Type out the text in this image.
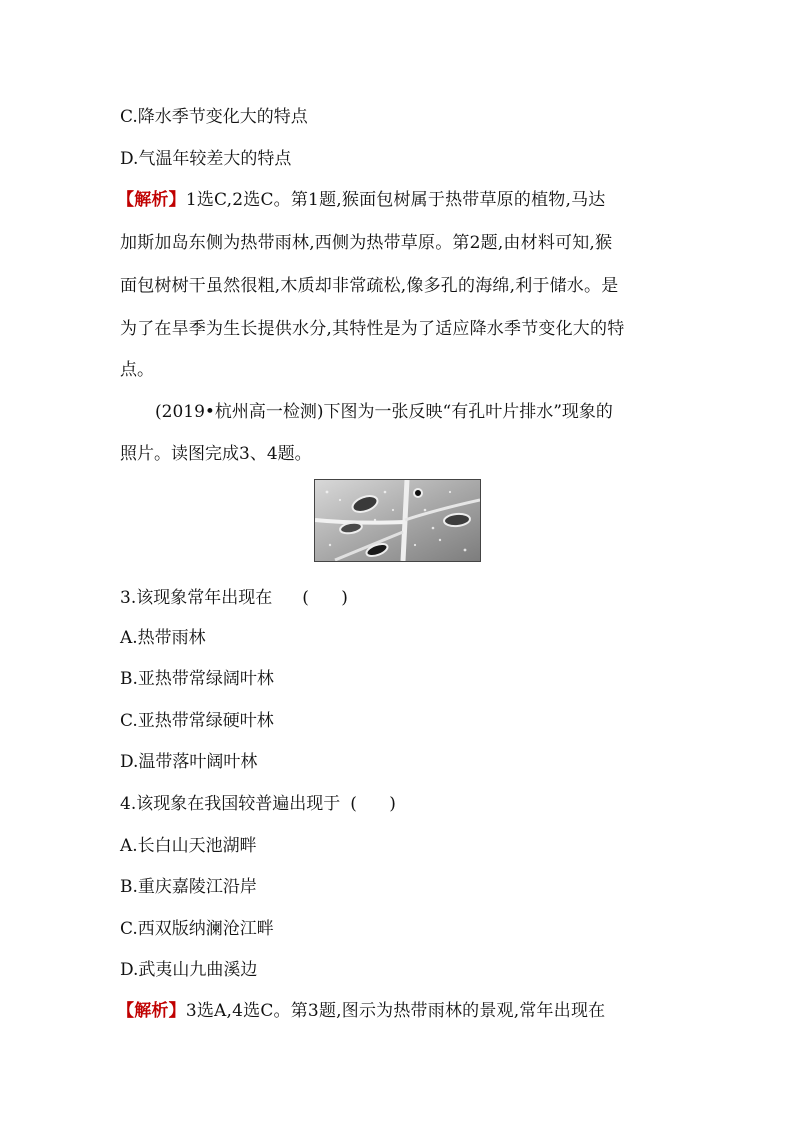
C.降水季节变化大的特点
D.气温年较差大的特点
【解析】1选C,2选C。第1题,猴面包树属于热带草原的植物,马达
加斯加岛东侧为热带雨林,西侧为热带草原。第2题,由材料可知,猴
面包树树干虽然很粗,木质却非常疏松,像多孔的海绵,利于储水。是
为了在旱季为生长提供水分,其特性是为了适应降水季节变化大的特
点。
(2019•杭州高一检测)下图为一张反映“有孔叶片排水”现象的
照片。读图完成3、4题。
3.该现象常年出现在 (      )
A.热带雨林
B.亚热带常绿阔叶林
C.亚热带常绿硬叶林
D.温带落叶阔叶林
4.该现象在我国较普遍出现于 (      )
A.长白山天池湖畔
B.重庆嘉陵江沿岸
C.西双版纳澜沧江畔
D.武夷山九曲溪边
【解析】3选A,4选C。第3题,图示为热带雨林的景观,常年出现在
